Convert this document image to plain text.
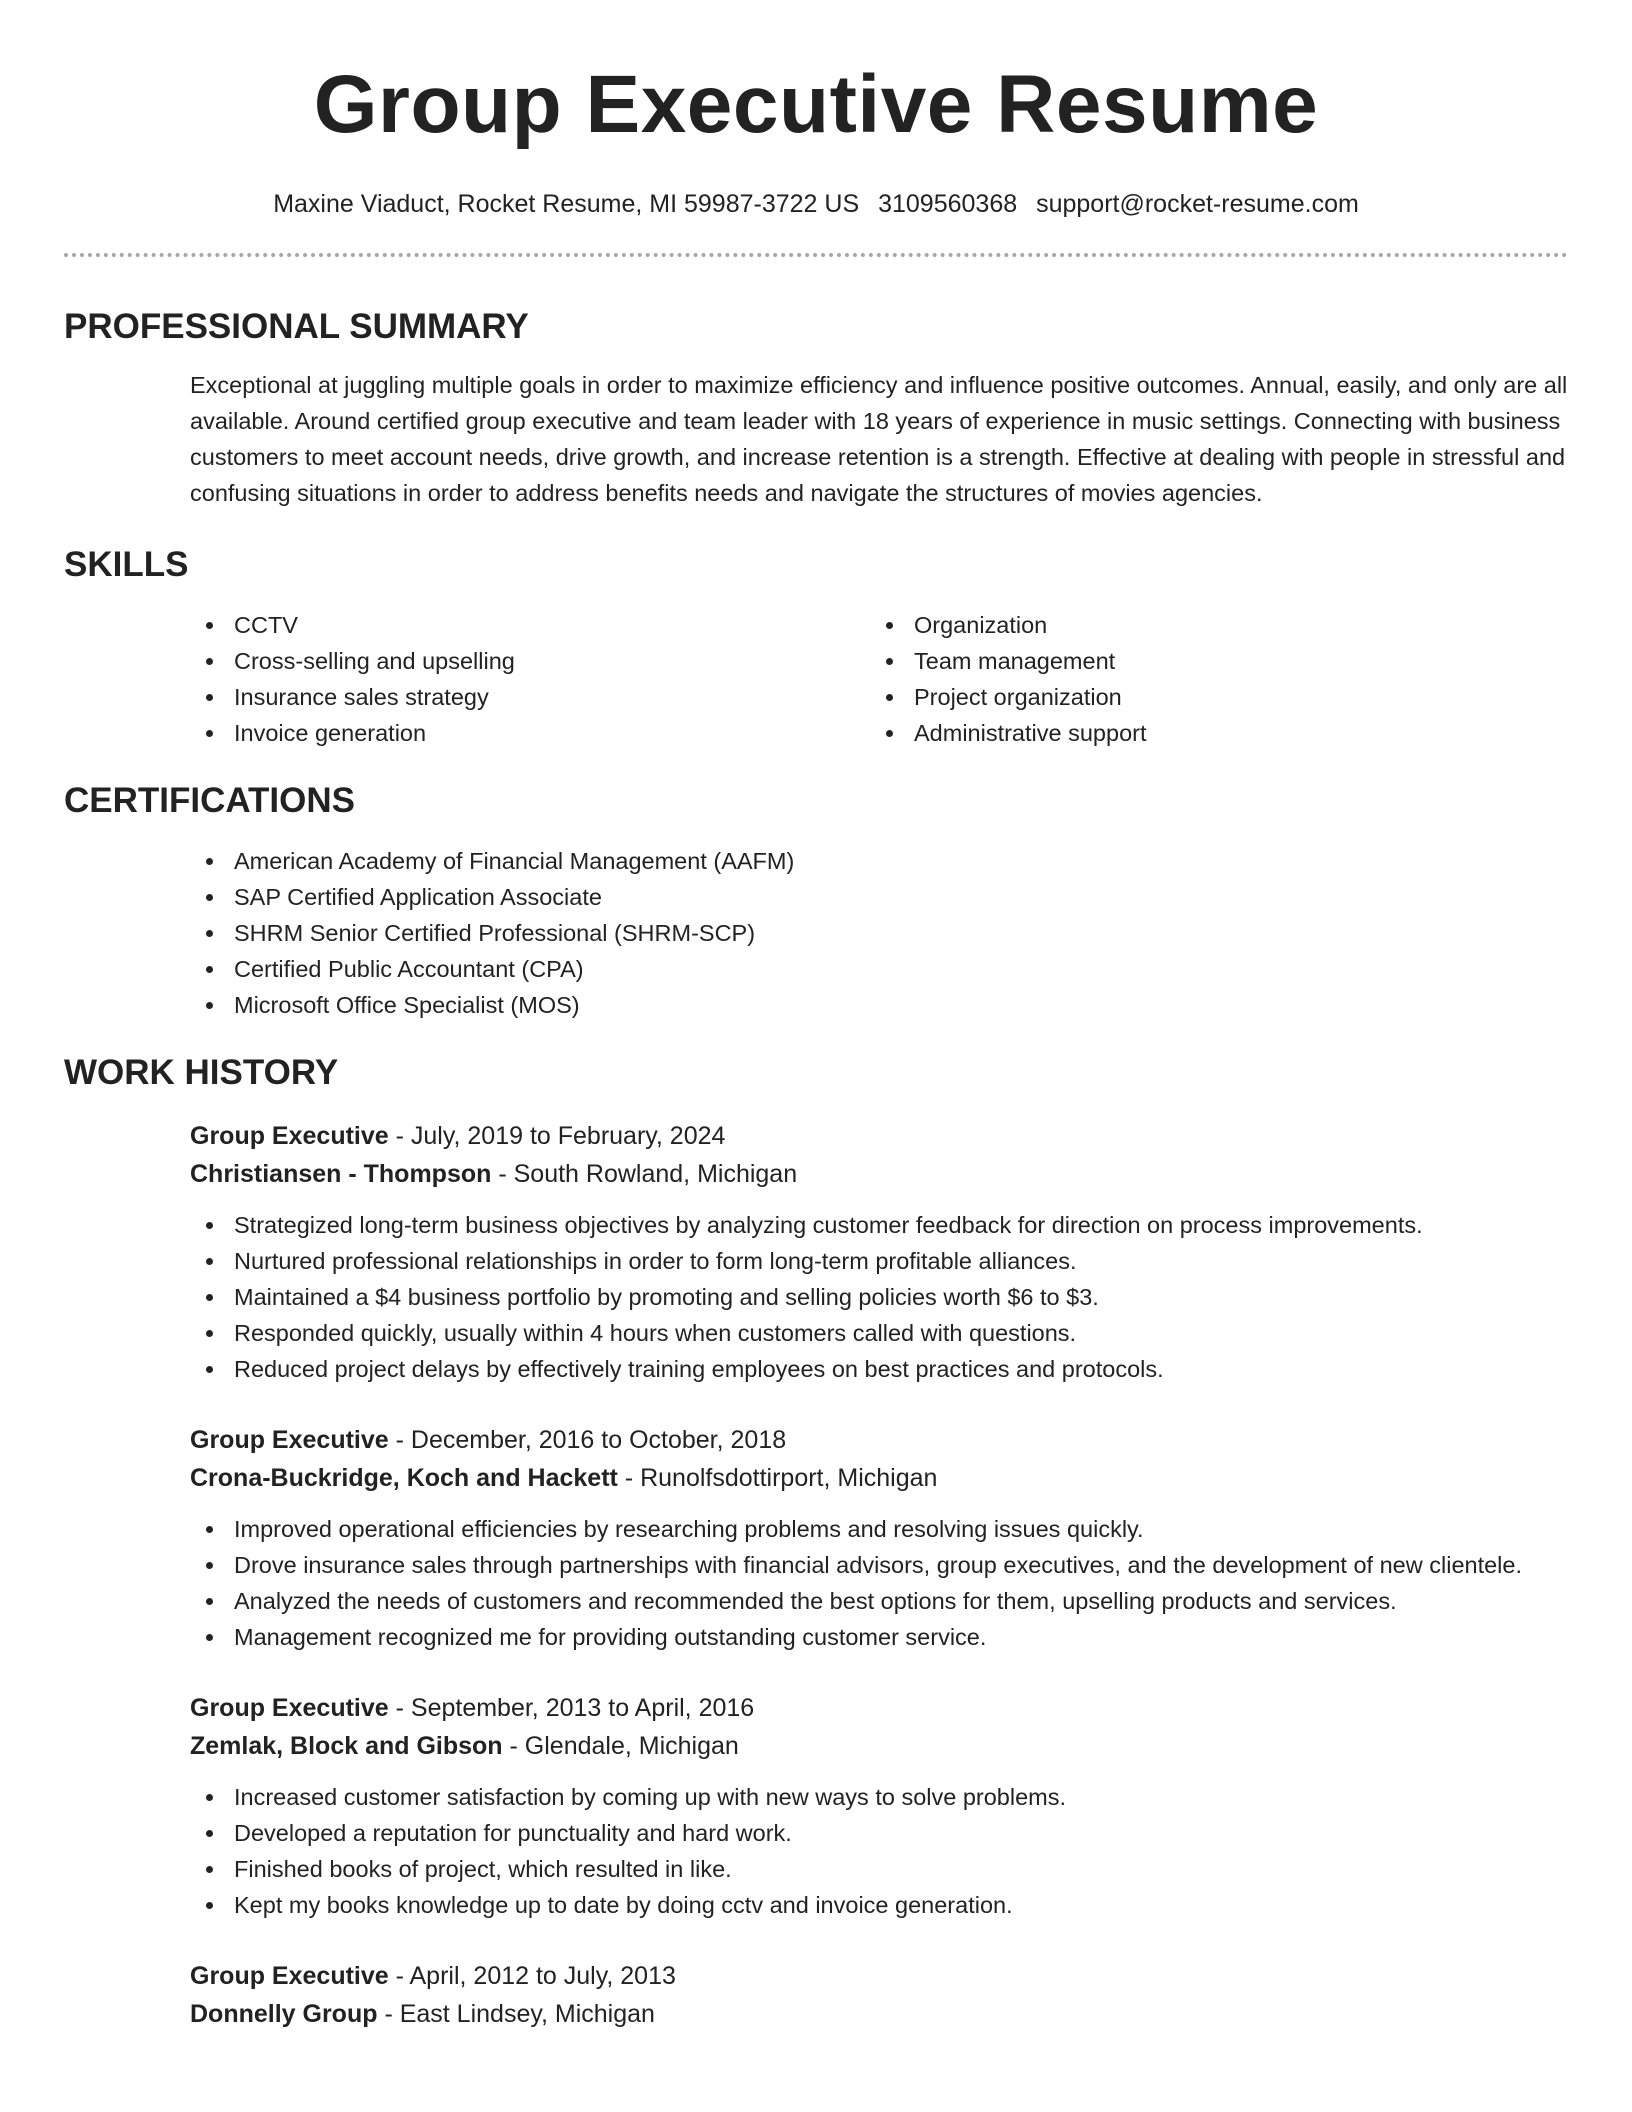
Group Executive Resume
Maxine Viaduct, Rocket Resume, MI 59987-3722 US 3109560368 support@rocket-resume.com
PROFESSIONAL SUMMARY

Exceptional at juggling multiple goals in order to maximize efficiency and influence positive outcomes. Annual, easily, and only are all available. Around certified group executive and team leader with 18 years of experience in music settings. Connecting with business customers to meet account needs, drive growth, and increase retention is a strength. Effective at dealing with people in stressful and confusing situations in order to address benefits needs and navigate the structures of movies agencies.

SKILLS
CCTV
Cross-selling and upselling
Insurance sales strategy
Invoice generation
Organization
Team management
Project organization
Administrative support
CERTIFICATIONS
American Academy of Financial Management (AAFM)
SAP Certified Application Associate
SHRM Senior Certified Professional (SHRM-SCP)
Certified Public Accountant (CPA)
Microsoft Office Specialist (MOS)
WORK HISTORY
Group Executive - July, 2019 to February, 2024
Christiansen - Thompson - South Rowland, Michigan
Strategized long-term business objectives by analyzing customer feedback for direction on process improvements.
Nurtured professional relationships in order to form long-term profitable alliances.
Maintained a $4 business portfolio by promoting and selling policies worth $6 to $3.
Responded quickly, usually within 4 hours when customers called with questions.
Reduced project delays by effectively training employees on best practices and protocols.
Group Executive - December, 2016 to October, 2018
Crona-Buckridge, Koch and Hackett - Runolfsdottirport, Michigan
Improved operational efficiencies by researching problems and resolving issues quickly.
Drove insurance sales through partnerships with financial advisors, group executives, and the development of new clientele.
Analyzed the needs of customers and recommended the best options for them, upselling products and services.
Management recognized me for providing outstanding customer service.
Group Executive - September, 2013 to April, 2016
Zemlak, Block and Gibson - Glendale, Michigan
Increased customer satisfaction by coming up with new ways to solve problems.
Developed a reputation for punctuality and hard work.
Finished books of project, which resulted in like.
Kept my books knowledge up to date by doing cctv and invoice generation.
Group Executive - April, 2012 to July, 2013
Donnelly Group - East Lindsey, Michigan
